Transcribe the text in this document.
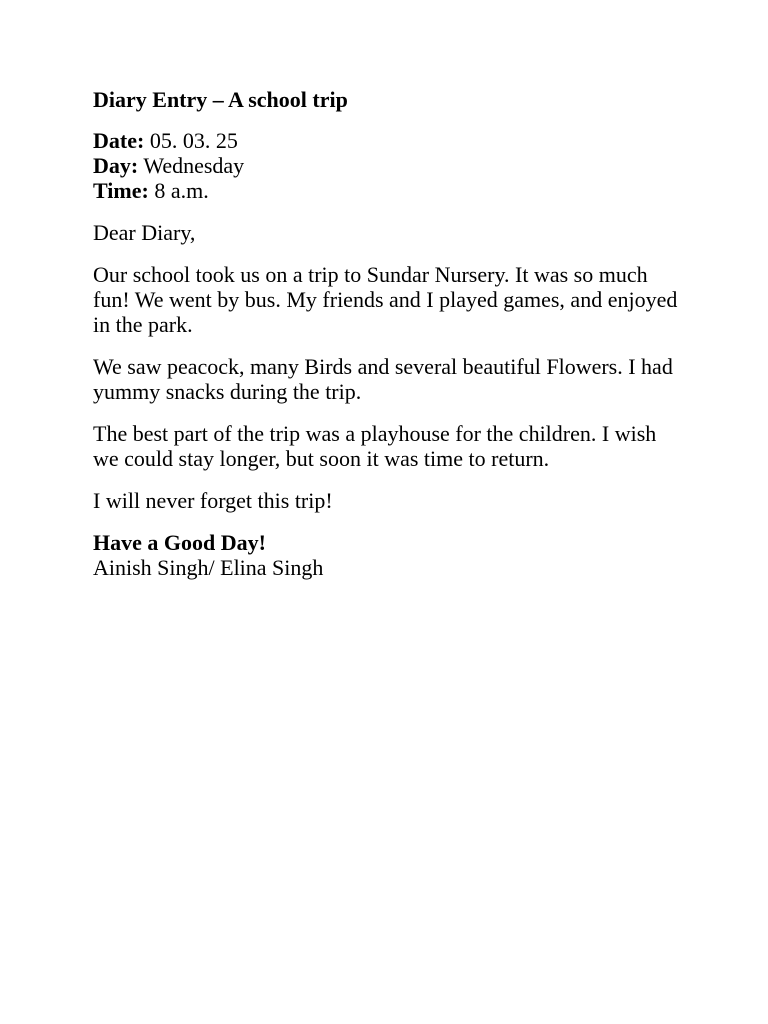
Diary Entry – A school trip

Date: 05. 03. 25

Day: Wednesday

Time: 8 a.m.

Dear Diary,

Our school took us on a trip to Sundar Nursery. It was so much fun! We went by bus. My friends and I played games, and enjoyed in the park.

We saw peacock, many Birds and several beautiful Flowers. I had yummy snacks during the trip.

The best part of the trip was a playhouse for the children. I wish we could stay longer, but soon it was time to return.

I will never forget this trip!

Have a Good Day!

Ainish Singh/ Elina Singh
